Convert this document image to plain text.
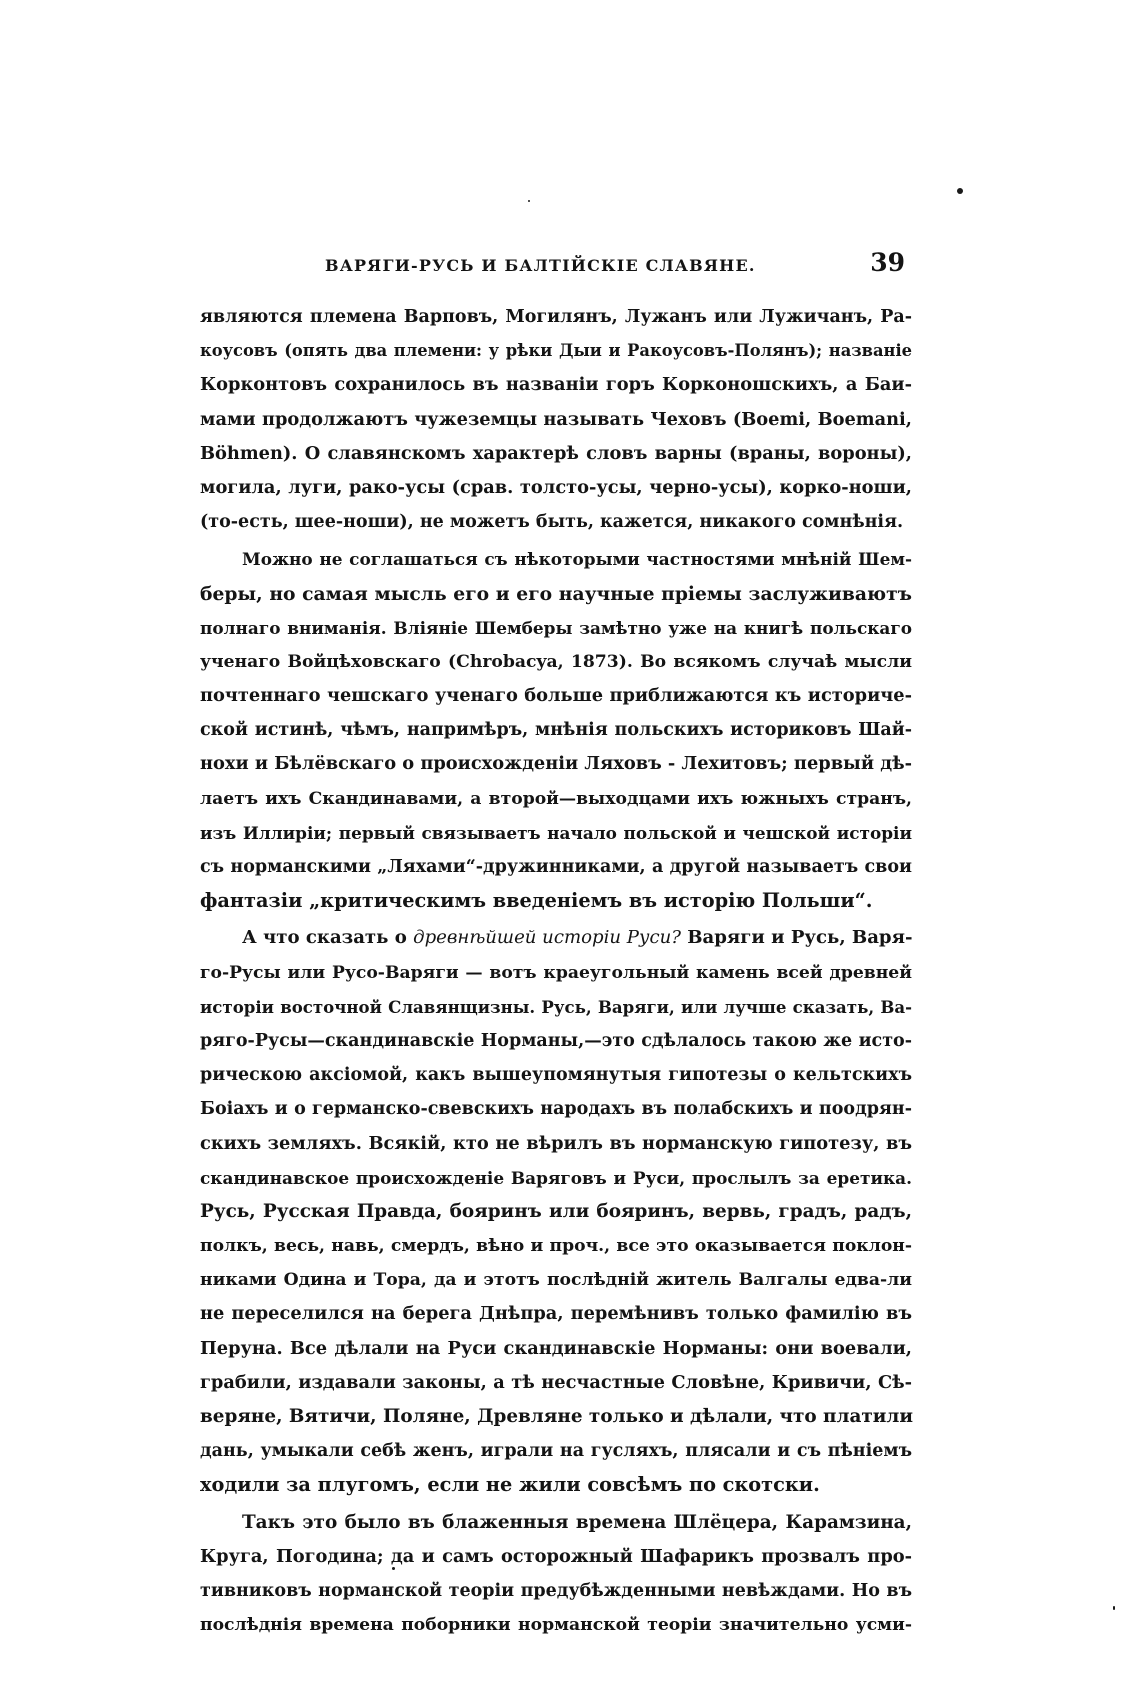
ВАРЯГИ-РУСЬ И БАЛТІЙСКІЕ СЛАВЯНЕ.	39
являются племена Варповъ, Могилянъ, Лужанъ или Лужичанъ, Ра-
коусовъ (опять два племени: у рѣки Дыи и Ракоусовъ-Полянъ); названіе
Корконтовъ сохранилось въ названіи горъ Корконошскихъ, а Баи-
мами продолжаютъ чужеземцы называть Чеховъ (Boemi, Boemani,
Böhmen). О славянскомъ характерѣ словъ варны (враны, вороны),
могила, луги, рако-усы (срав. толсто-усы, черно-усы), корко-ноши,
(то-есть, шее-ноши), не можетъ быть, кажется, никакого сомнѣнія.
Можно не соглашаться съ нѣкоторыми частностями мнѣній Шем-
беры, но самая мысль его и его научные пріемы заслуживаютъ
полнаго вниманія. Вліяніе Шемберы замѣтно уже на книгѣ польскаго
ученаго Войцѣховскаго (Chrobacya, 1873). Во всякомъ случаѣ мысли
почтеннаго чешскаго ученаго больше приближаются къ историче-
ской истинѣ, чѣмъ, напримѣръ, мнѣнія польскихъ историковъ Шай-
нохи и Бѣлёвскаго о происхожденіи Ляховъ - Лехитовъ; первый дѣ-
лаетъ ихъ Скандинавами, а второй—выходцами ихъ южныхъ странъ,
изъ Иллиріи; первый связываетъ начало польской и чешской исторіи
съ норманскими „Ляхами“-дружинниками, а другой называетъ свои
фантазіи „критическимъ введеніемъ въ исторію Польши“.
А что сказать о древнѣйшей исторіи Руси? Варяги и Русь, Варя-
го-Русы или Русо-Варяги — вотъ краеугольный камень всей древней
исторіи восточной Славянщизны. Русь, Варяги, или лучше сказать, Ва-
ряго-Русы—скандинавскіе Норманы,—это сдѣлалось такою же исто-
рическою аксіомой, какъ вышеупомянутыя гипотезы о кельтскихъ
Боіахъ и о германско-свевскихъ народахъ въ полабскихъ и поодрян-
скихъ земляхъ. Всякій, кто не вѣрилъ въ норманскую гипотезу, въ
скандинавское происхожденіе Варяговъ и Руси, прослылъ за еретика.
Русь, Русская Правда, бояринъ или бояринъ, вервь, градъ, радъ,
полкъ, весь, навь, смердъ, вѣно и проч., все это оказывается поклон-
никами Одина и Тора, да и этотъ послѣдній житель Валгалы едва-ли
не переселился на берега Днѣпра, перемѣнивъ только фамилію въ
Перуна. Все дѣлали на Руси скандинавскіе Норманы: они воевали,
грабили, издавали законы, а тѣ несчастные Словѣне, Кривичи, Сѣ-
веряне, Вятичи, Поляне, Древляне только и дѣлали, что платили
дань, умыкали себѣ женъ, играли на гусляхъ, плясали и съ пѣніемъ
ходили за плугомъ, если не жили совсѣмъ по скотски.
Такъ это было въ блаженныя времена Шлёцера, Карамзина,
Круга, Погодина; да и самъ осторожный Шафарикъ прозвалъ про-
тивниковъ норманской теоріи предубѣжденными невѣждами. Но въ
послѣднія времена поборники норманской теоріи значительно усми-
